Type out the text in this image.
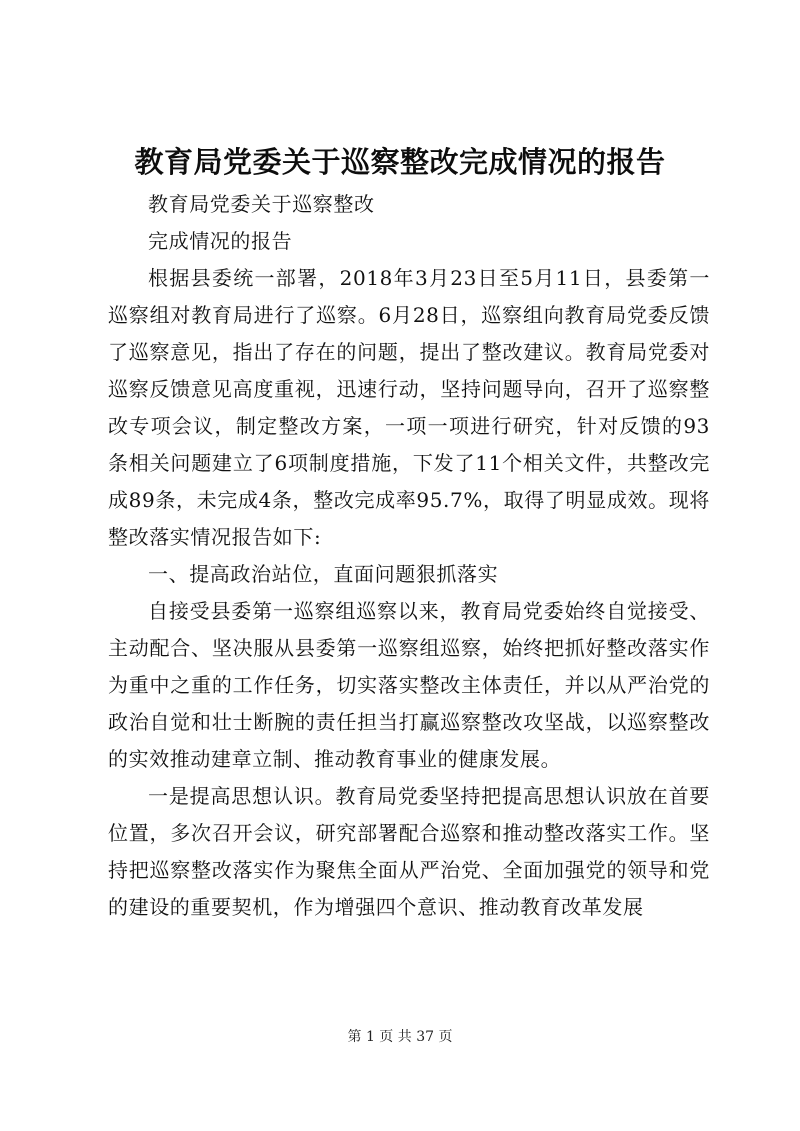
教育局党委关于巡察整改完成情况的报告

教育局党委关于巡察整改

完成情况的报告

根据县委统一部署，2018年3月23日至5月11日，县委第一巡察组对教育局进行了巡察。6月28日，巡察组向教育局党委反馈了巡察意见，指出了存在的问题，提出了整改建议。教育局党委对巡察反馈意见高度重视，迅速行动，坚持问题导向，召开了巡察整改专项会议，制定整改方案，一项一项进行研究，针对反馈的93条相关问题建立了6项制度措施，下发了11个相关文件，共整改完成89条，未完成4条，整改完成率95.7%，取得了明显成效。现将整改落实情况报告如下:

一、提高政治站位，直面问题狠抓落实

自接受县委第一巡察组巡察以来，教育局党委始终自觉接受、主动配合、坚决服从县委第一巡察组巡察，始终把抓好整改落实作为重中之重的工作任务，切实落实整改主体责任，并以从严治党的政治自觉和壮士断腕的责任担当打赢巡察整改攻坚战，以巡察整改的实效推动建章立制、推动教育事业的健康发展。

一是提高思想认识。教育局党委坚持把提高思想认识放在首要位置，多次召开会议，研究部署配合巡察和推动整改落实工作。坚持把巡察整改落实作为聚焦全面从严治党、全面加强党的领导和党的建设的重要契机，作为增强四个意识、推动教育改革发展

第 1 页 共 37 页
